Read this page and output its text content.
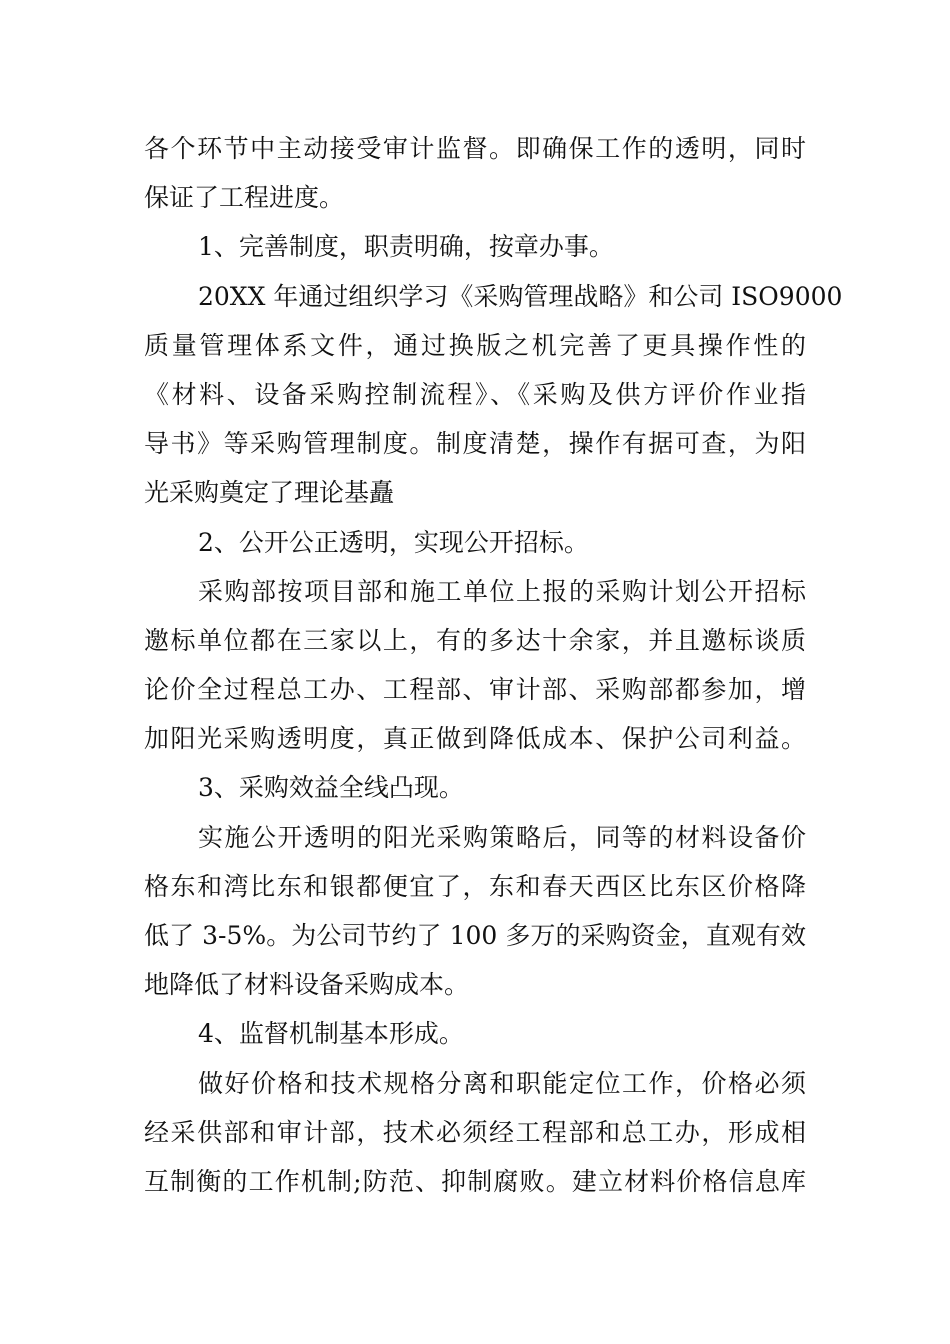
各个环节中主动接受审计监督。即确保工作的透明，同时
保证了工程进度。
1、完善制度，职责明确，按章办事。
20XX 年通过组织学习《采购管理战略》和公司 ISO9000
质量管理体系文件，通过换版之机完善了更具操作性的
《材料、设备采购控制流程》、《采购及供方评价作业指
导书》等采购管理制度。制度清楚，操作有据可查，为阳
光采购奠定了理论基矗
2、公开公正透明，实现公开招标。
采购部按项目部和施工单位上报的采购计划公开招标
邀标单位都在三家以上，有的多达十余家，并且邀标谈质
论价全过程总工办、工程部、审计部、采购部都参加，增
加阳光采购透明度，真正做到降低成本、保护公司利益。
3、采购效益全线凸现。
实施公开透明的阳光采购策略后，同等的材料设备价
格东和湾比东和银都便宜了，东和春天西区比东区价格降
低了 3-5%。为公司节约了 100 多万的采购资金，直观有效
地降低了材料设备采购成本。
4、监督机制基本形成。
做好价格和技术规格分离和职能定位工作，价格必须
经采供部和审计部，技术必须经工程部和总工办，形成相
互制衡的工作机制;防范、抑制腐败。建立材料价格信息库
